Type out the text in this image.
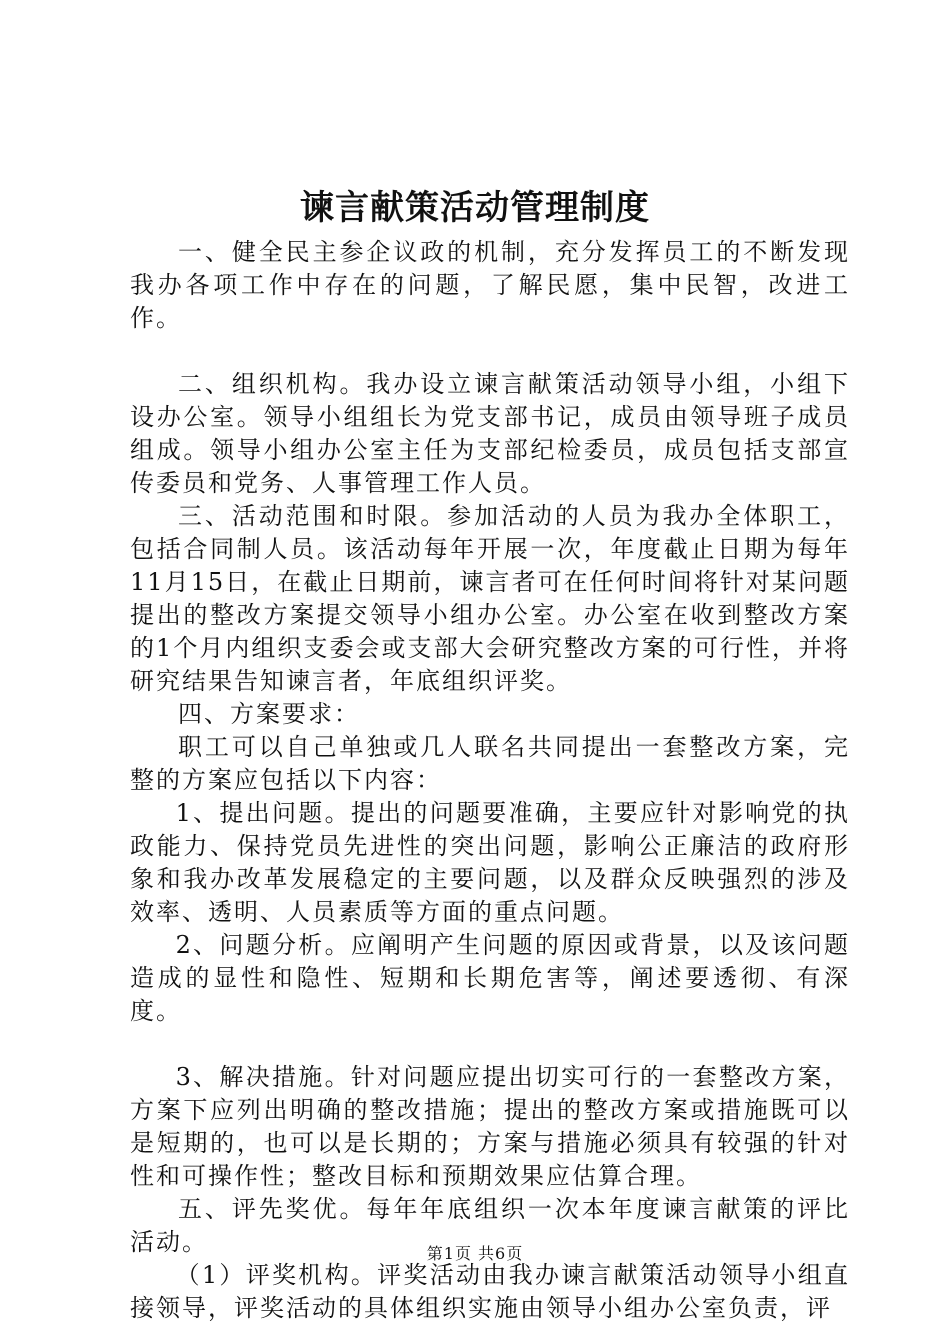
谏言献策活动管理制度

一、健全民主参企议政的机制，充分发挥员工的不断发现我办各项工作中存在的问题，了解民愿，集中民智，改进工作。

二、组织机构。我办设立谏言献策活动领导小组，小组下设办公室。领导小组组长为党支部书记，成员由领导班子成员组成。领导小组办公室主任为支部纪检委员，成员包括支部宣传委员和党务、人事管理工作人员。

三、活动范围和时限。参加活动的人员为我办全体职工，包括合同制人员。该活动每年开展一次，年度截止日期为每年11月15日，在截止日期前，谏言者可在任何时间将针对某问题提出的整改方案提交领导小组办公室。办公室在收到整改方案的1个月内组织支委会或支部大会研究整改方案的可行性，并将研究结果告知谏言者，年底组织评奖。

四、方案要求：

职工可以自己单独或几人联名共同提出一套整改方案，完整的方案应包括以下内容：

1、提出问题。提出的问题要准确，主要应针对影响党的执政能力、保持党员先进性的突出问题，影响公正廉洁的政府形象和我办改革发展稳定的主要问题，以及群众反映强烈的涉及效率、透明、人员素质等方面的重点问题。

2、问题分析。应阐明产生问题的原因或背景，以及该问题造成的显性和隐性、短期和长期危害等，阐述要透彻、有深度。

3、解决措施。针对问题应提出切实可行的一套整改方案，方案下应列出明确的整改措施；提出的整改方案或措施既可以是短期的，也可以是长期的；方案与措施必须具有较强的针对性和可操作性；整改目标和预期效果应估算合理。

五、评先奖优。每年年底组织一次本年度谏言献策的评比活动。

（1）评奖机构。评奖活动由我办谏言献策活动领导小组直接领导，评奖活动的具体组织实施由领导小组办公室负责，评

第1页 共6页
